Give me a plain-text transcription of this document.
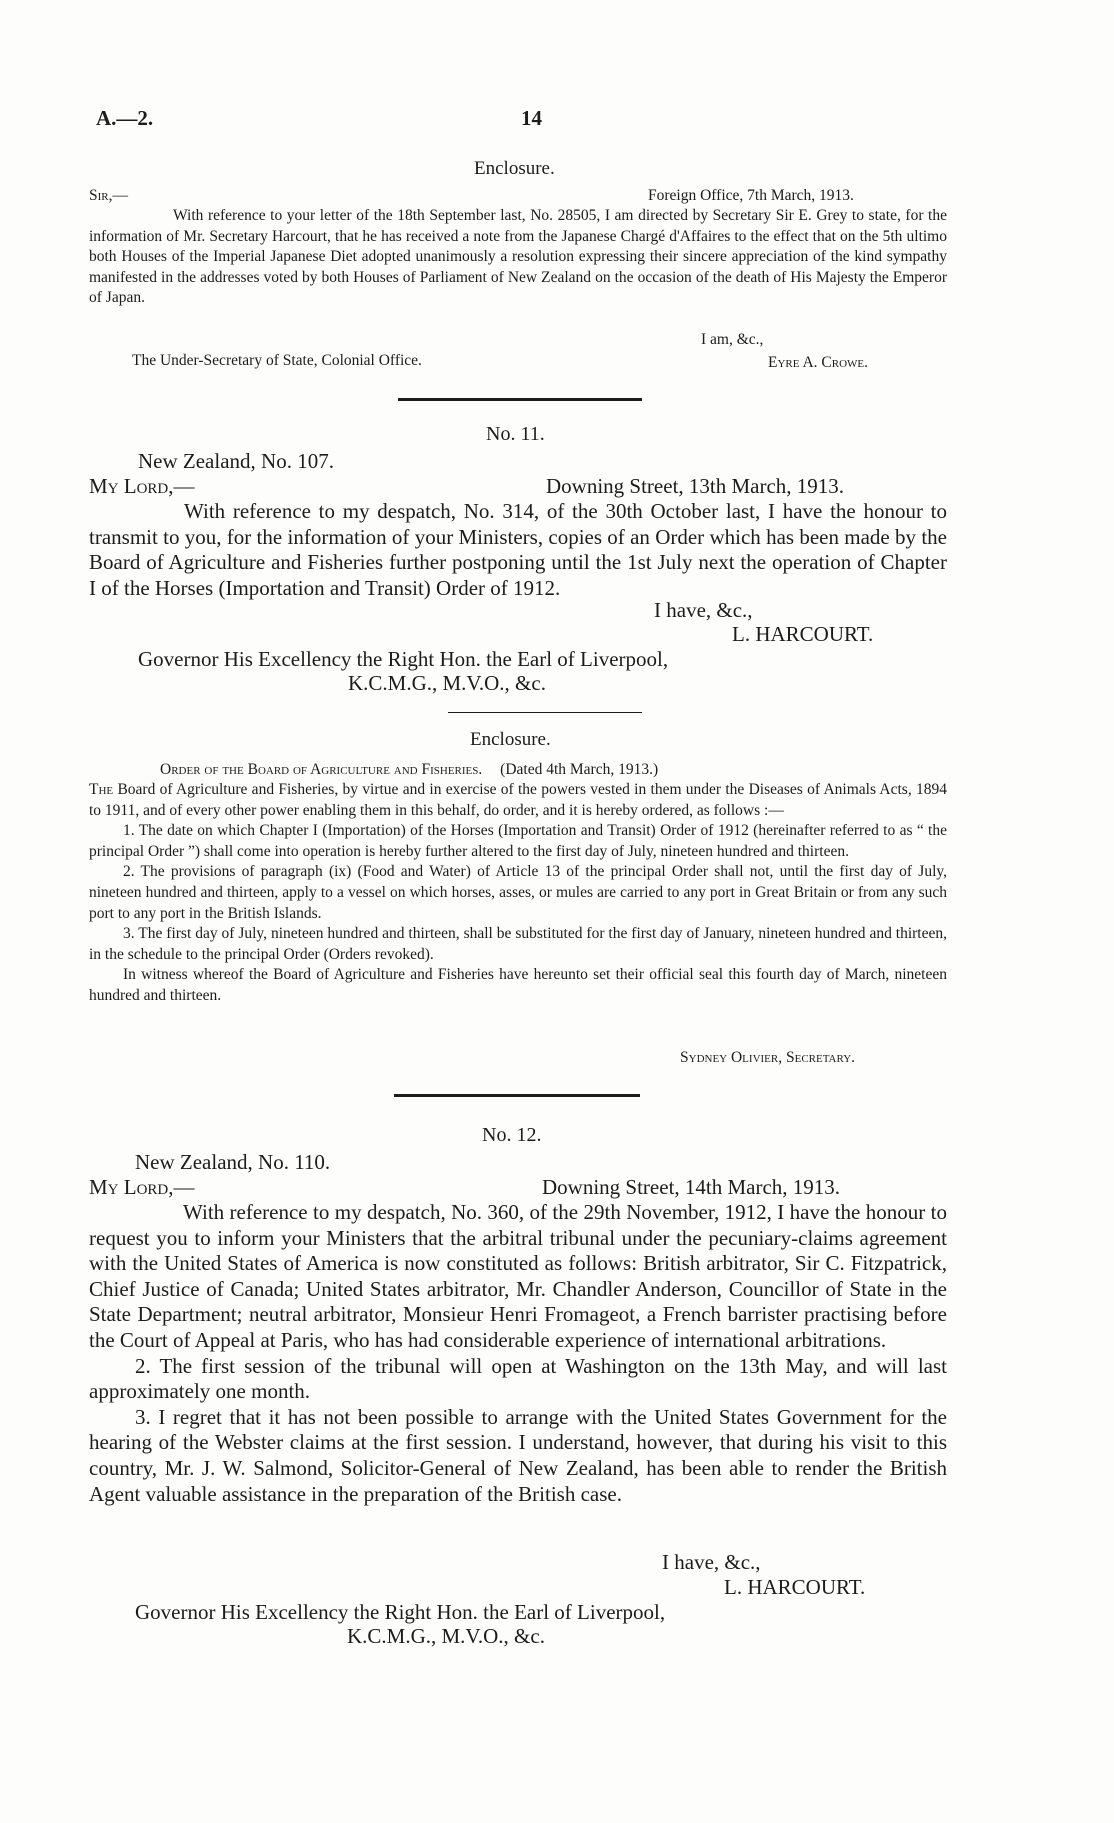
A.—2.	14
Enclosure.
Sir,—	Foreign Office, 7th March, 1913.

With reference to your letter of the 18th September last, No. 28505, I am directed by Secretary Sir E. Grey to state, for the information of Mr. Secretary Harcourt, that he has received a note from the Japanese Chargé d'Affaires to the effect that on the 5th ultimo both Houses of the Imperial Japanese Diet adopted unanimously a resolution expressing their sincere appreciation of the kind sympathy manifested in the addresses voted by both Houses of Parliament of New Zealand on the occasion of the death of His Majesty the Emperor of Japan.

I am, &c.,
The Under-Secretary of State, Colonial Office.	Eyre A. Crowe.
No. 11.
New Zealand, No. 107.
My Lord,—	Downing Street, 13th March, 1913.

With reference to my despatch, No. 314, of the 30th October last, I have the honour to transmit to you, for the information of your Ministers, copies of an Order which has been made by the Board of Agriculture and Fisheries further postponing until the 1st July next the operation of Chapter I of the Horses (Importation and Transit) Order of 1912.

I have, &c.,
L. HARCOURT.
Governor His Excellency the Right Hon. the Earl of Liverpool,
K.C.M.G., M.V.O., &c.
Enclosure.
Order of the Board of Agriculture and Fisheries. (Dated 4th March, 1913.)

The Board of Agriculture and Fisheries, by virtue and in exercise of the powers vested in them under the Diseases of Animals Acts, 1894 to 1911, and of every other power enabling them in this behalf, do order, and it is hereby ordered, as follows :—

1. The date on which Chapter I (Importation) of the Horses (Importation and Transit) Order of 1912 (hereinafter referred to as “ the principal Order ”) shall come into operation is hereby further altered to the first day of July, nineteen hundred and thirteen.

2. The provisions of paragraph (ix) (Food and Water) of Article 13 of the principal Order shall not, until the first day of July, nineteen hundred and thirteen, apply to a vessel on which horses, asses, or mules are carried to any port in Great Britain or from any such port to any port in the British Islands.

3. The first day of July, nineteen hundred and thirteen, shall be substituted for the first day of January, nineteen hundred and thirteen, in the schedule to the principal Order (Orders revoked).

In witness whereof the Board of Agriculture and Fisheries have hereunto set their official seal this fourth day of March, nineteen hundred and thirteen.

Sydney Olivier, Secretary.
No. 12.
New Zealand, No. 110.
My Lord,—	Downing Street, 14th March, 1913.

With reference to my despatch, No. 360, of the 29th November, 1912, I have the honour to request you to inform your Ministers that the arbitral tribunal under the pecuniary-claims agreement with the United States of America is now constituted as follows: British arbitrator, Sir C. Fitzpatrick, Chief Justice of Canada; United States arbitrator, Mr. Chandler Anderson, Councillor of State in the State Department; neutral arbitrator, Monsieur Henri Fromageot, a French barrister practising before the Court of Appeal at Paris, who has had considerable experience of international arbitrations.

2. The first session of the tribunal will open at Washington on the 13th May, and will last approximately one month.

3. I regret that it has not been possible to arrange with the United States Government for the hearing of the Webster claims at the first session. I understand, however, that during his visit to this country, Mr. J. W. Salmond, Solicitor-General of New Zealand, has been able to render the British Agent valuable assistance in the preparation of the British case.

I have, &c.,
L. HARCOURT.
Governor His Excellency the Right Hon. the Earl of Liverpool,
K.C.M.G., M.V.O., &c.
